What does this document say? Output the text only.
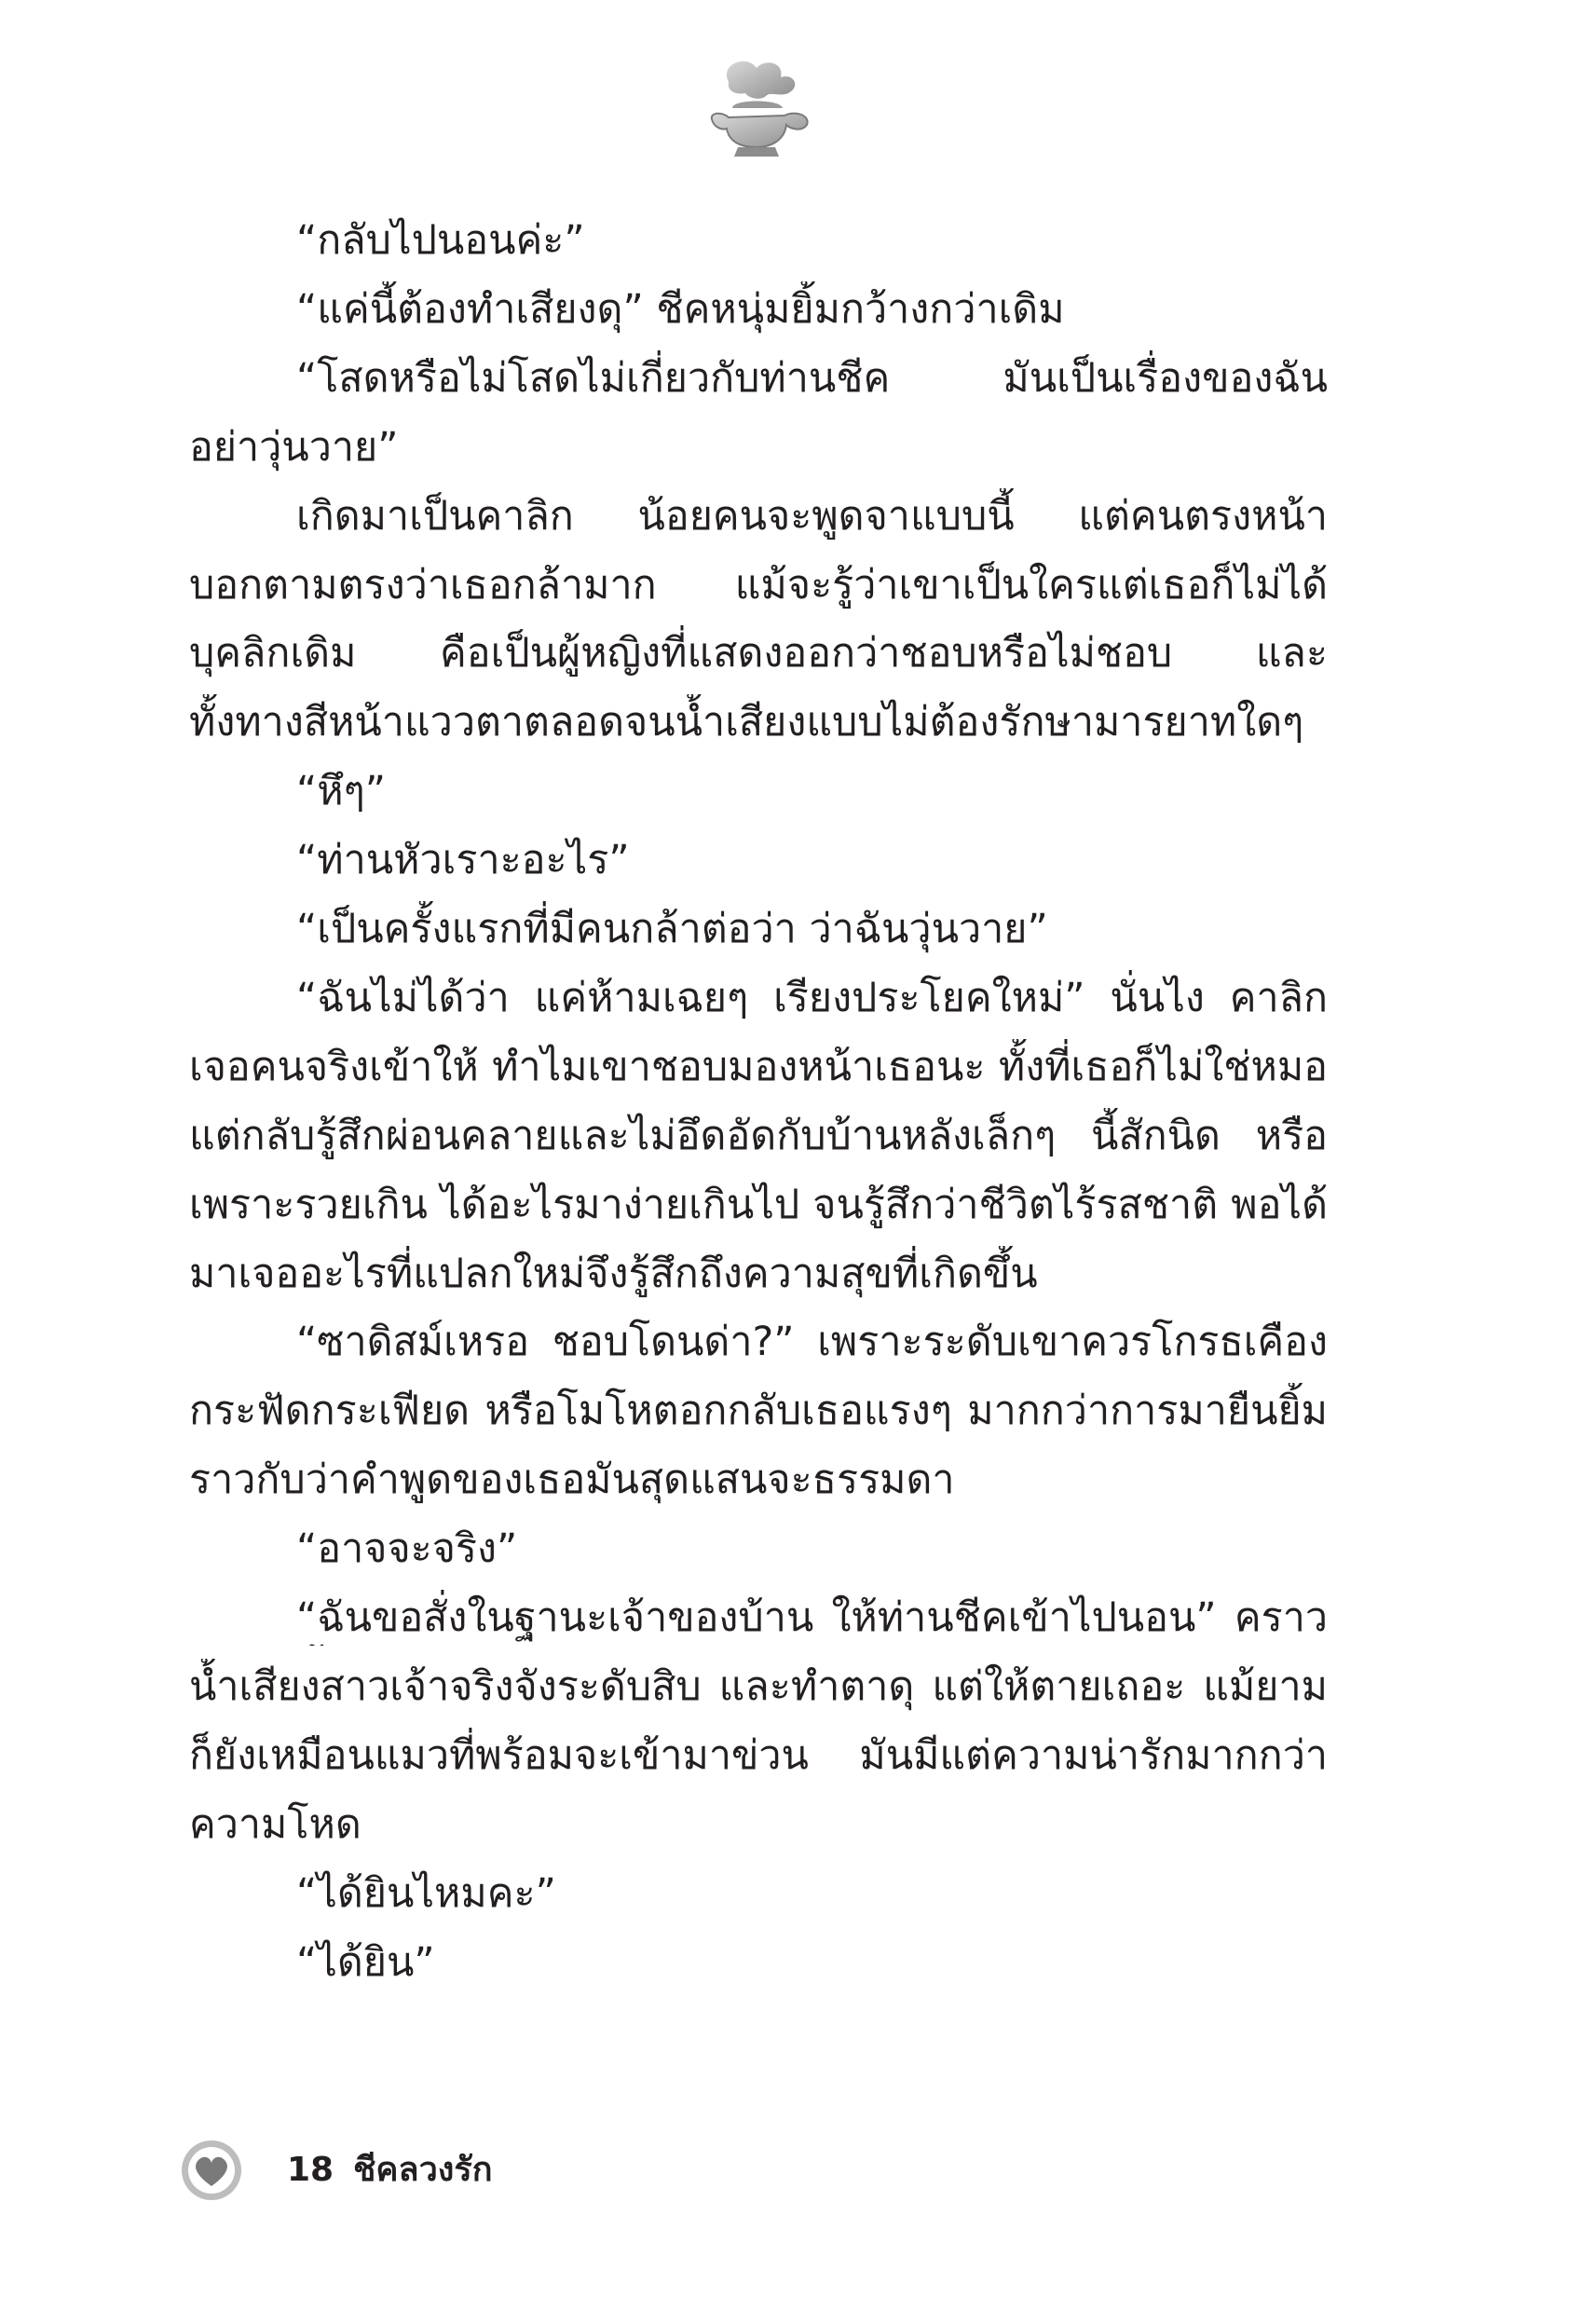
“กลับไปนอนค่ะ”
“แค่นี้ต้องทำเสียงดุ” ชีคหนุ่มยิ้มกว้างกว่าเดิม
“โสดหรือไม่โสดไม่เกี่ยวกับท่านชีค มันเป็นเรื่องของฉัน
อย่าวุ่นวาย”
เกิดมาเป็นคาลิก น้อยคนจะพูดจาแบบนี้ แต่คนตรงหน้า
บอกตามตรงว่าเธอกล้ามาก แม้จะรู้ว่าเขาเป็นใครแต่เธอก็ไม่ได้
บุคลิกเดิม คือเป็นผู้หญิงที่แสดงออกว่าชอบหรือไม่ชอบ และ
ทั้งทางสีหน้าแววตาตลอดจนน้ำเสียงแบบไม่ต้องรักษามารยาทใดๆ
“หึๆ”
“ท่านหัวเราะอะไร”
“เป็นครั้งแรกที่มีคนกล้าต่อว่า ว่าฉันวุ่นวาย”
“ฉันไม่ได้ว่า แค่ห้ามเฉยๆ เรียงประโยคใหม่” นั่นไง คาลิก
เจอคนจริงเข้าให้ ทำไมเขาชอบมองหน้าเธอนะ ทั้งที่เธอก็ไม่ใช่หมอ
แต่กลับรู้สึกผ่อนคลายและไม่อึดอัดกับบ้านหลังเล็กๆ นี้สักนิด หรือ
เพราะรวยเกิน ได้อะไรมาง่ายเกินไป จนรู้สึกว่าชีวิตไร้รสชาติ พอได้
มาเจออะไรที่แปลกใหม่จึงรู้สึกถึงความสุขที่เกิดขึ้น
“ซาดิสม์เหรอ ชอบโดนด่า?” เพราะระดับเขาควรโกรธเคือง
กระฟัดกระเฟียด หรือโมโหตอกกลับเธอแรงๆ มากกว่าการมายืนยิ้ม
ราวกับว่าคำพูดของเธอมันสุดแสนจะธรรมดา
“อาจจะจริง”
“ฉันขอสั่งในฐานะเจ้าของบ้าน ให้ท่านชีคเข้าไปนอน” คราว
น้ำเสียงสาวเจ้าจริงจังระดับสิบ และทำตาดุ แต่ให้ตายเถอะ แม้ยาม
ก็ยังเหมือนแมวที่พร้อมจะเข้ามาข่วน มันมีแต่ความน่ารักมากกว่า
ความโหด
“ได้ยินไหมคะ”
“ได้ยิน”
18 ชีคลวงรัก
